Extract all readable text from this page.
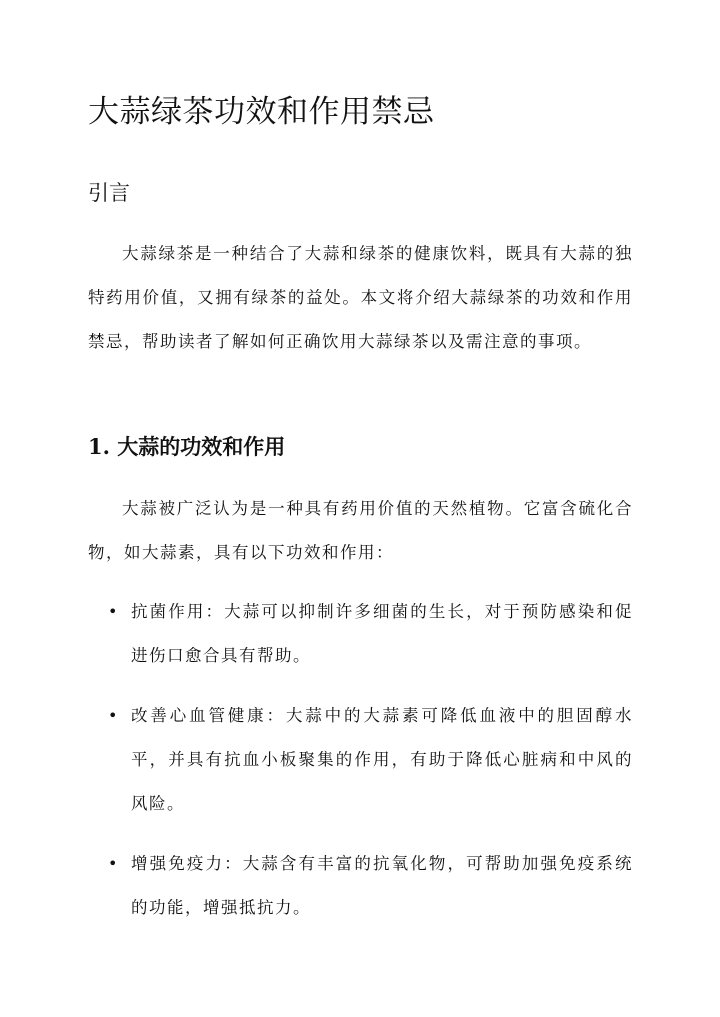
大蒜绿茶功效和作用禁忌
引言

大蒜绿茶是一种结合了大蒜和绿茶的健康饮料，既具有大蒜的独特药用价值，又拥有绿茶的益处。本文将介绍大蒜绿茶的功效和作用禁忌，帮助读者了解如何正确饮用大蒜绿茶以及需注意的事项。

1. 大蒜的功效和作用

大蒜被广泛认为是一种具有药用价值的天然植物。它富含硫化合物，如大蒜素，具有以下功效和作用：

• 抗菌作用：大蒜可以抑制许多细菌的生长，对于预防感染和促进伤口愈合具有帮助。
• 改善心血管健康：大蒜中的大蒜素可降低血液中的胆固醇水平，并具有抗血小板聚集的作用，有助于降低心脏病和中风的风险。
• 增强免疫力：大蒜含有丰富的抗氧化物，可帮助加强免疫系统的功能，增强抵抗力。
